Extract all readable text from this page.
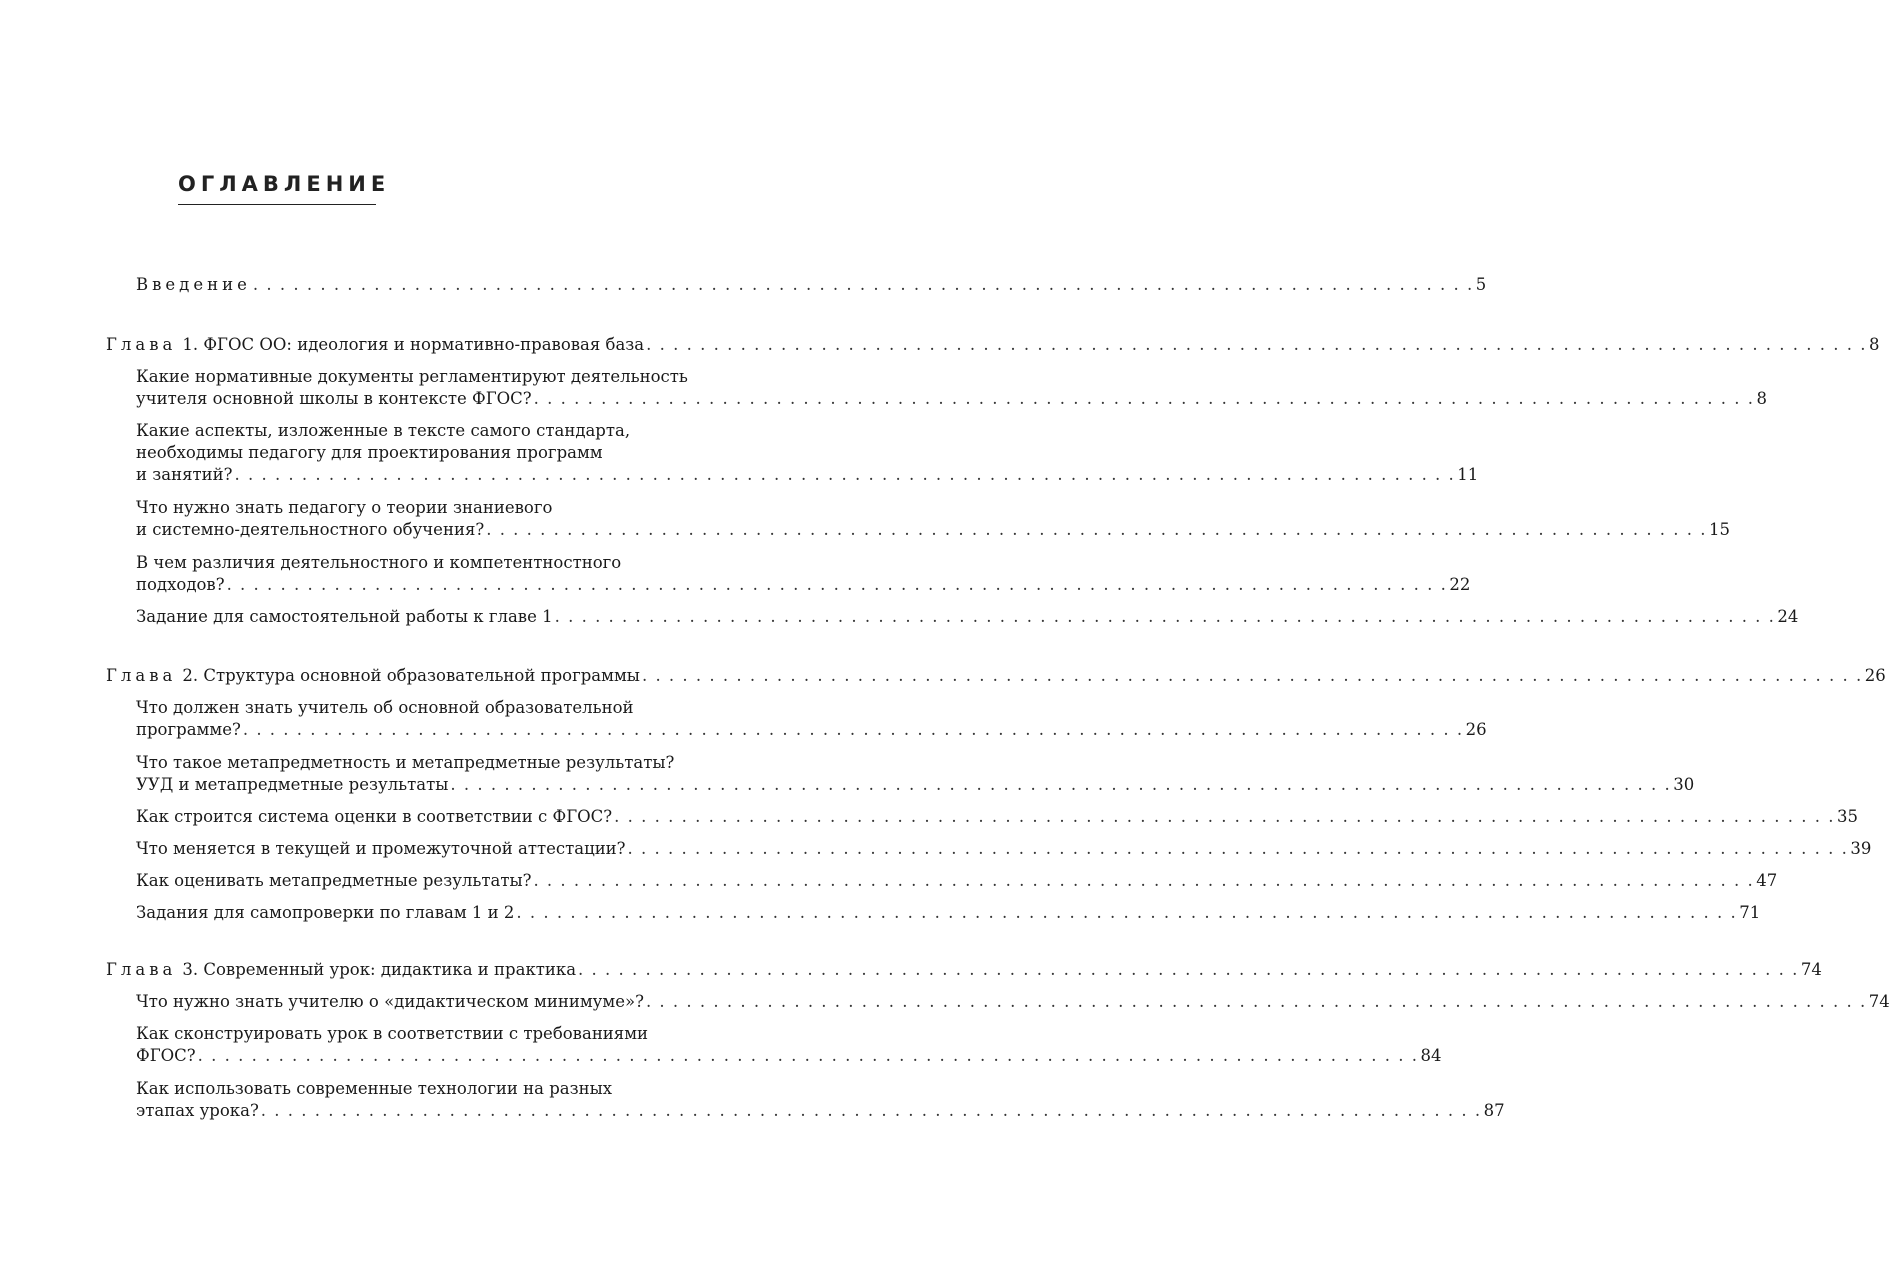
ОГЛАВЛЕНИЕ
Введение . . . . . . . . . . . . . . . . . . . . . . . . . . . . . . . . . . . . . . . . . . . . . . . . . . . . . . . . . . . . . . . . . . . . . . . . . . . . . . . . . . . . . . . . . . . 5
Глава 1. ФГОС ОО: идеология и нормативно-правовая база . . . . . . . . . . . . . . . . . . . . . . . . . . . . . . . . . . . . . . . . . . . . . . . . . . . . . . . . . . . . . . . . . . . . . . . . . . . . . . . . . . . . . . . . . . . 8
Какие нормативные документы регламентируют деятельность
учителя основной школы в контексте ФГОС? . . . . . . . . . . . . . . . . . . . . . . . . . . . . . . . . . . . . . . . . . . . . . . . . . . . . . . . . . . . . . . . . . . . . . . . . . . . . . . . . . . . . . . . . . . . 8
Какие аспекты, изложенные в тексте самого стандарта,
необходимы педагогу для проектирования программ
и занятий? . . . . . . . . . . . . . . . . . . . . . . . . . . . . . . . . . . . . . . . . . . . . . . . . . . . . . . . . . . . . . . . . . . . . . . . . . . . . . . . . . . . . . . . . . . . 11
Что нужно знать педагогу о теории знаниевого
и системно-деятельностного обучения? . . . . . . . . . . . . . . . . . . . . . . . . . . . . . . . . . . . . . . . . . . . . . . . . . . . . . . . . . . . . . . . . . . . . . . . . . . . . . . . . . . . . . . . . . . . 15
В чем различия деятельностного и компетентностного
подходов? . . . . . . . . . . . . . . . . . . . . . . . . . . . . . . . . . . . . . . . . . . . . . . . . . . . . . . . . . . . . . . . . . . . . . . . . . . . . . . . . . . . . . . . . . . . 22
Задание для самостоятельной работы к главе 1 . . . . . . . . . . . . . . . . . . . . . . . . . . . . . . . . . . . . . . . . . . . . . . . . . . . . . . . . . . . . . . . . . . . . . . . . . . . . . . . . . . . . . . . . . . . 24
Глава 2. Структура основной образовательной программы . . . . . . . . . . . . . . . . . . . . . . . . . . . . . . . . . . . . . . . . . . . . . . . . . . . . . . . . . . . . . . . . . . . . . . . . . . . . . . . . . . . . . . . . . . . 26
Что должен знать учитель об основной образовательной
программе? . . . . . . . . . . . . . . . . . . . . . . . . . . . . . . . . . . . . . . . . . . . . . . . . . . . . . . . . . . . . . . . . . . . . . . . . . . . . . . . . . . . . . . . . . . . 26
Что такое метапредметность и метапредметные результаты?
УУД и метапредметные результаты . . . . . . . . . . . . . . . . . . . . . . . . . . . . . . . . . . . . . . . . . . . . . . . . . . . . . . . . . . . . . . . . . . . . . . . . . . . . . . . . . . . . . . . . . . . 30
Как строится система оценки в соответствии с ФГОС? . . . . . . . . . . . . . . . . . . . . . . . . . . . . . . . . . . . . . . . . . . . . . . . . . . . . . . . . . . . . . . . . . . . . . . . . . . . . . . . . . . . . . . . . . . . 35
Что меняется в текущей и промежуточной аттестации? . . . . . . . . . . . . . . . . . . . . . . . . . . . . . . . . . . . . . . . . . . . . . . . . . . . . . . . . . . . . . . . . . . . . . . . . . . . . . . . . . . . . . . . . . . . 39
Как оценивать метапредметные результаты? . . . . . . . . . . . . . . . . . . . . . . . . . . . . . . . . . . . . . . . . . . . . . . . . . . . . . . . . . . . . . . . . . . . . . . . . . . . . . . . . . . . . . . . . . . . 47
Задания для самопроверки по главам 1 и 2 . . . . . . . . . . . . . . . . . . . . . . . . . . . . . . . . . . . . . . . . . . . . . . . . . . . . . . . . . . . . . . . . . . . . . . . . . . . . . . . . . . . . . . . . . . . 71
Глава 3. Современный урок: дидактика и практика . . . . . . . . . . . . . . . . . . . . . . . . . . . . . . . . . . . . . . . . . . . . . . . . . . . . . . . . . . . . . . . . . . . . . . . . . . . . . . . . . . . . . . . . . . . 74
Что нужно знать учителю о «дидактическом минимуме»? . . . . . . . . . . . . . . . . . . . . . . . . . . . . . . . . . . . . . . . . . . . . . . . . . . . . . . . . . . . . . . . . . . . . . . . . . . . . . . . . . . . . . . . . . . . 74
Как сконструировать урок в соответствии с требованиями
ФГОС? . . . . . . . . . . . . . . . . . . . . . . . . . . . . . . . . . . . . . . . . . . . . . . . . . . . . . . . . . . . . . . . . . . . . . . . . . . . . . . . . . . . . . . . . . . . 84
Как использовать современные технологии на разных
этапах урока? . . . . . . . . . . . . . . . . . . . . . . . . . . . . . . . . . . . . . . . . . . . . . . . . . . . . . . . . . . . . . . . . . . . . . . . . . . . . . . . . . . . . . . . . . . . 87
